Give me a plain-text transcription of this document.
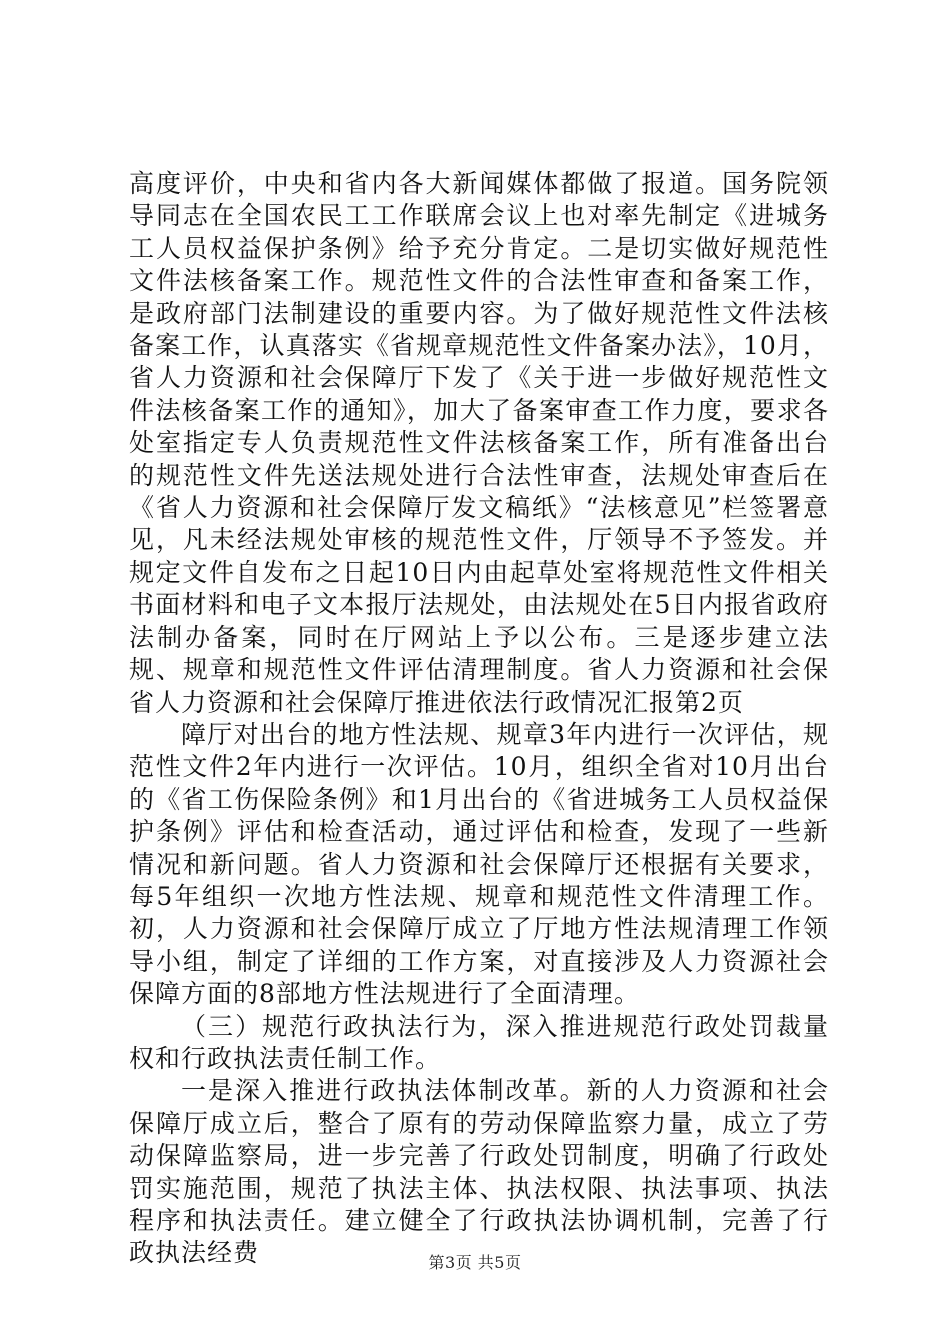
高度评价，中央和省内各大新闻媒体都做了报道。国务院领导同志在全国农民工工作联席会议上也对率先制定《进城务工人员权益保护条例》给予充分肯定。二是切实做好规范性文件法核备案工作。规范性文件的合法性审查和备案工作，是政府部门法制建设的重要内容。为了做好规范性文件法核备案工作，认真落实《省规章规范性文件备案办法》，10月，省人力资源和社会保障厅下发了《关于进一步做好规范性文件法核备案工作的通知》，加大了备案审查工作力度，要求各处室指定专人负责规范性文件法核备案工作，所有准备出台的规范性文件先送法规处进行合法性审查，法规处审查后在《省人力资源和社会保障厅发文稿纸》“法核意见”栏签署意见，凡未经法规处审核的规范性文件，厅领导不予签发。并规定文件自发布之日起10日内由起草处室将规范性文件相关书面材料和电子文本报厅法规处，由法规处在5日内报省政府法制办备案，同时在厅网站上予以公布。三是逐步建立法规、规章和规范性文件评估清理制度。省人力资源和社会保省人力资源和社会保障厅推进依法行政情况汇报第2页

障厅对出台的地方性法规、规章3年内进行一次评估，规范性文件2年内进行一次评估。10月，组织全省对10月出台的《省工伤保险条例》和1月出台的《省进城务工人员权益保护条例》评估和检查活动，通过评估和检查，发现了一些新情况和新问题。省人力资源和社会保障厅还根据有关要求，每5年组织一次地方性法规、规章和规范性文件清理工作。初，人力资源和社会保障厅成立了厅地方性法规清理工作领导小组，制定了详细的工作方案，对直接涉及人力资源社会保障方面的8部地方性法规进行了全面清理。

（三）规范行政执法行为，深入推进规范行政处罚裁量权和行政执法责任制工作。

一是深入推进行政执法体制改革。新的人力资源和社会保障厅成立后，整合了原有的劳动保障监察力量，成立了劳动保障监察局，进一步完善了行政处罚制度，明确了行政处罚实施范围，规范了执法主体、执法权限、执法事项、执法程序和执法责任。建立健全了行政执法协调机制，完善了行政执法经费	第3页 共5页
